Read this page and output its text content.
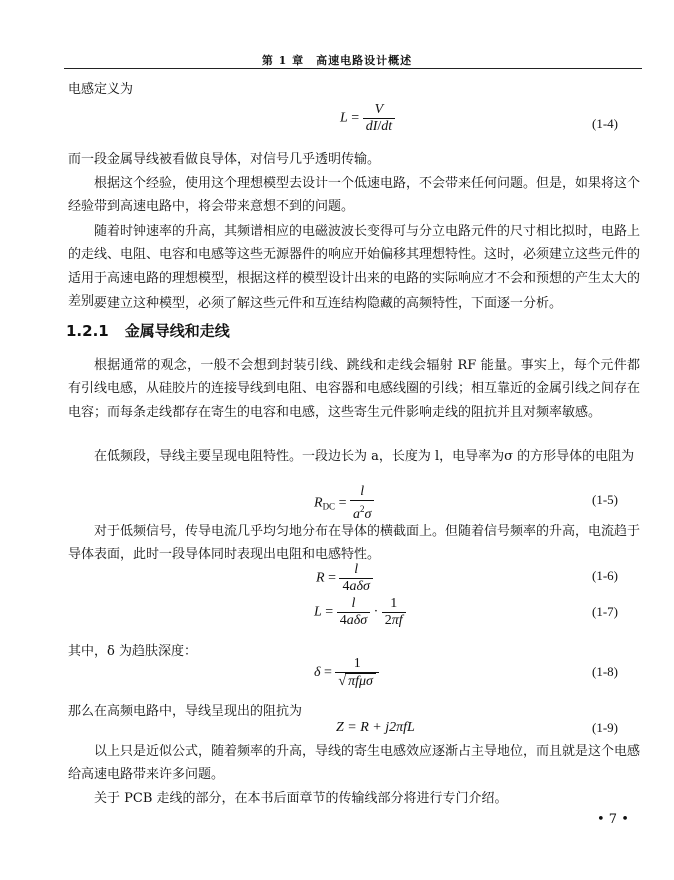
第 1 章　高速电路设计概述

电感定义为

$L = \frac{V}{dI/dt}$	(1-4)

而一段金属导线被看做良导体，对信号几乎透明传输。

根据这个经验，使用这个理想模型去设计一个低速电路，不会带来任何问题。但是，如果将这个经验带到高速电路中，将会带来意想不到的问题。

随着时钟速率的升高，其频谱相应的电磁波波长变得可与分立电路元件的尺寸相比拟时，电路上的走线、电阻、电容和电感等这些无源器件的响应开始偏移其理想特性。这时，必须建立这些元件的适用于高速电路的理想模型，根据这样的模型设计出来的电路的实际响应才不会和预想的产生太大的差别。

要建立这种模型，必须了解这些元件和互连结构隐藏的高频特性，下面逐一分析。

1.2.1 金属导线和走线

根据通常的观念，一般不会想到封装引线、跳线和走线会辐射 RF 能量。事实上，每个元件都有引线电感，从硅胶片的连接导线到电阻、电容器和电感线圈的引线；相互靠近的金属引线之间存在电容；而每条走线都存在寄生的电容和电感，这些寄生元件影响走线的阻抗并且对频率敏感。

在低频段，导线主要呈现电阻特性。一段边长为 a，长度为 l，电导率为σ 的方形导体的电阻为

$R_{DC} = \frac{l}{a^2\sigma}$	(1-5)

对于低频信号，传导电流几乎均匀地分布在导体的横截面上。但随着信号频率的升高，电流趋于导体表面，此时一段导体同时表现出电阻和电感特性。

$R = \frac{l}{\text{4aδσ}}$	(1-6)
$L = \frac{l}{\text{4aδσ}} \cdot \frac{1}{2\pi f}$	(1-7)

其中，δ 为趋肤深度：

$\delta = \frac{1}{\text{√ πfμσ}}$	(1-8)

那么在高频电路中，导线呈现出的阻抗为

Z = R + j2πfL	(1-9)

以上只是近似公式，随着频率的升高，导线的寄生电感效应逐渐占主导地位，而且就是这个电感给高速电路带来许多问题。

关于 PCB 走线的部分，在本书后面章节的传输线部分将进行专门介绍。

• 7 •
